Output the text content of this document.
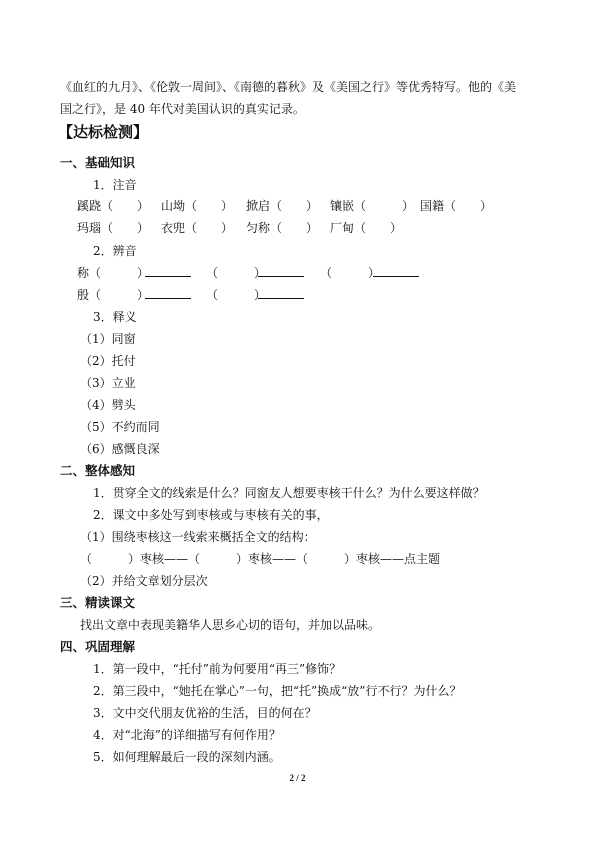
《血红的九月》、《伦敦一周间》、《南德的暮秋》及《美国之行》等优秀特写。他的《美
国之行》，是 40 年代对美国认识的真实记录。
【达标检测】
一、基础知识
1．注音
蹊跷（　　） 山坳（　　） 掀启（　　） 镶嵌（　　　） 国籍（　　）
玛瑙（　　） 衣兜（　　） 匀称（　　） 厂甸（　　）
2．辨音
称 （　　　）	（　　　）	（　　　）
殷 （　　　）	（　　　）
3．释义
（1）同窗
（2）托付
（3）立业
（4）劈头
（5）不约而同
（6）感慨良深
二、整体感知
1．贯穿全文的线索是什么？同窗友人想要枣核干什么？为什么要这样做？
2．课文中多处写到枣核或与枣核有关的事，
（1）围绕枣核这一线索来概括全文的结构：
（　　　）枣核——（　　　）枣核——（　　　）枣核——点主题
（2）并给文章划分层次
三、精读课文
找出文章中表现美籍华人思乡心切的语句，并加以品味。
四、巩固理解
1．第一段中，“托付”前为何要用“再三”修饰？
2．第三段中，“她托在掌心”一句，把“托”换成“放”行不行？为什么？
3．文中交代朋友优裕的生活，目的何在？
4．对“北海”的详细描写有何作用？
5．如何理解最后一段的深刻内涵。
2 / 2
